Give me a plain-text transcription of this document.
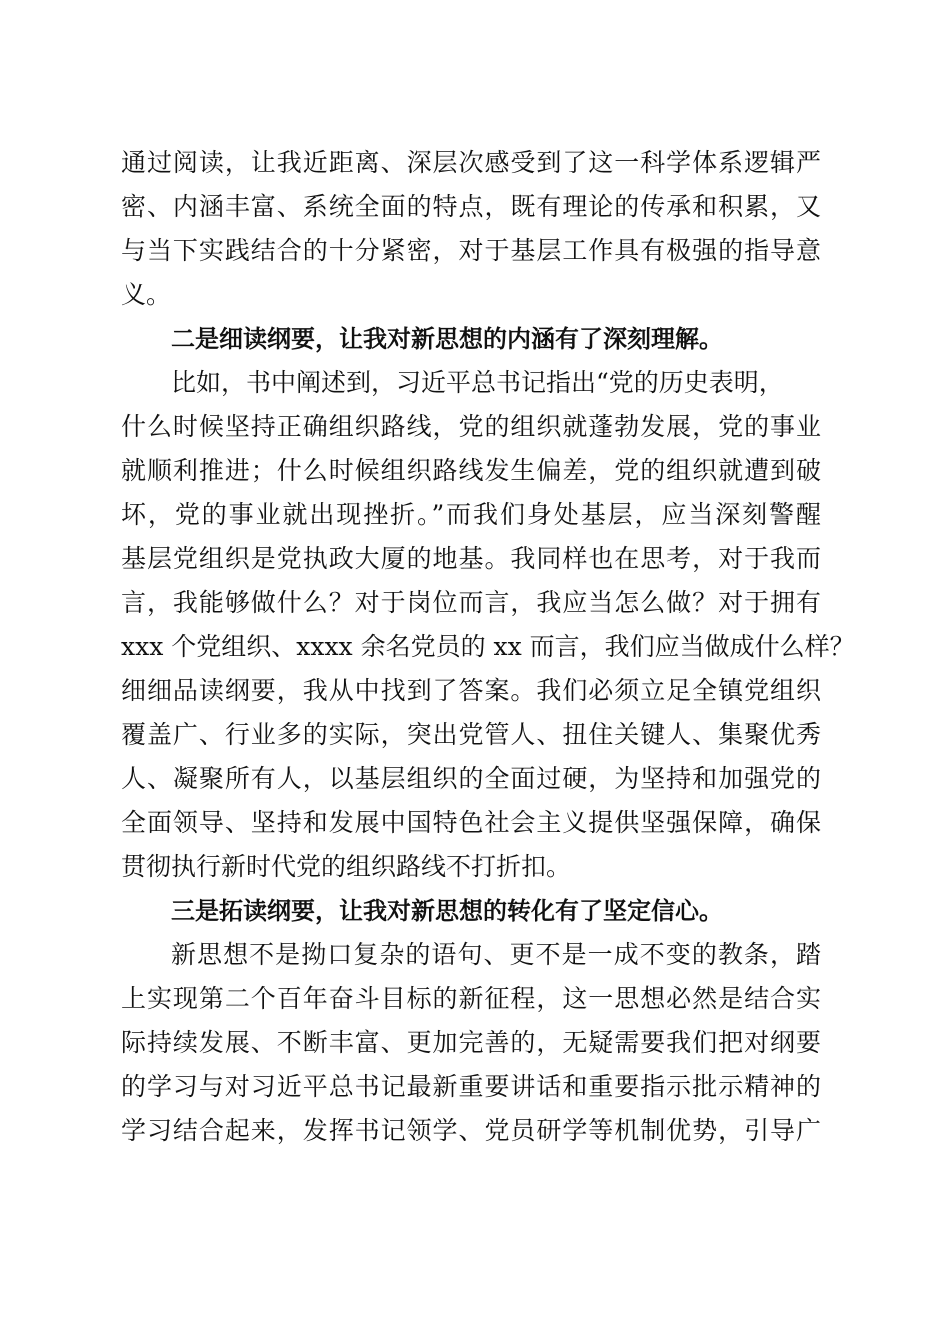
通过阅读，让我近距离、深层次感受到了这一科学体系逻辑严
密、内涵丰富、系统全面的特点，既有理论的传承和积累，又
与当下实践结合的十分紧密，对于基层工作具有极强的指导意
义。
二是细读纲要，让我对新思想的内涵有了深刻理解。
比如，书中阐述到，习近平总书记指出“党的历史表明，
什么时候坚持正确组织路线，党的组织就蓬勃发展，党的事业
就顺利推进；什么时候组织路线发生偏差，党的组织就遭到破
坏，党的事业就出现挫折。”而我们身处基层，应当深刻警醒
基层党组织是党执政大厦的地基。我同样也在思考，对于我而
言，我能够做什么？对于岗位而言，我应当怎么做？对于拥有
xxx 个党组织、xxxx 余名党员的 xx 而言，我们应当做成什么样？
细细品读纲要，我从中找到了答案。我们必须立足全镇党组织
覆盖广、行业多的实际，突出党管人、扭住关键人、集聚优秀
人、凝聚所有人，以基层组织的全面过硬，为坚持和加强党的
全面领导、坚持和发展中国特色社会主义提供坚强保障，确保
贯彻执行新时代党的组织路线不打折扣。
三是拓读纲要，让我对新思想的转化有了坚定信心。
新思想不是拗口复杂的语句、更不是一成不变的教条，踏
上实现第二个百年奋斗目标的新征程，这一思想必然是结合实
际持续发展、不断丰富、更加完善的，无疑需要我们把对纲要
的学习与对习近平总书记最新重要讲话和重要指示批示精神的
学习结合起来，发挥书记领学、党员研学等机制优势，引导广
